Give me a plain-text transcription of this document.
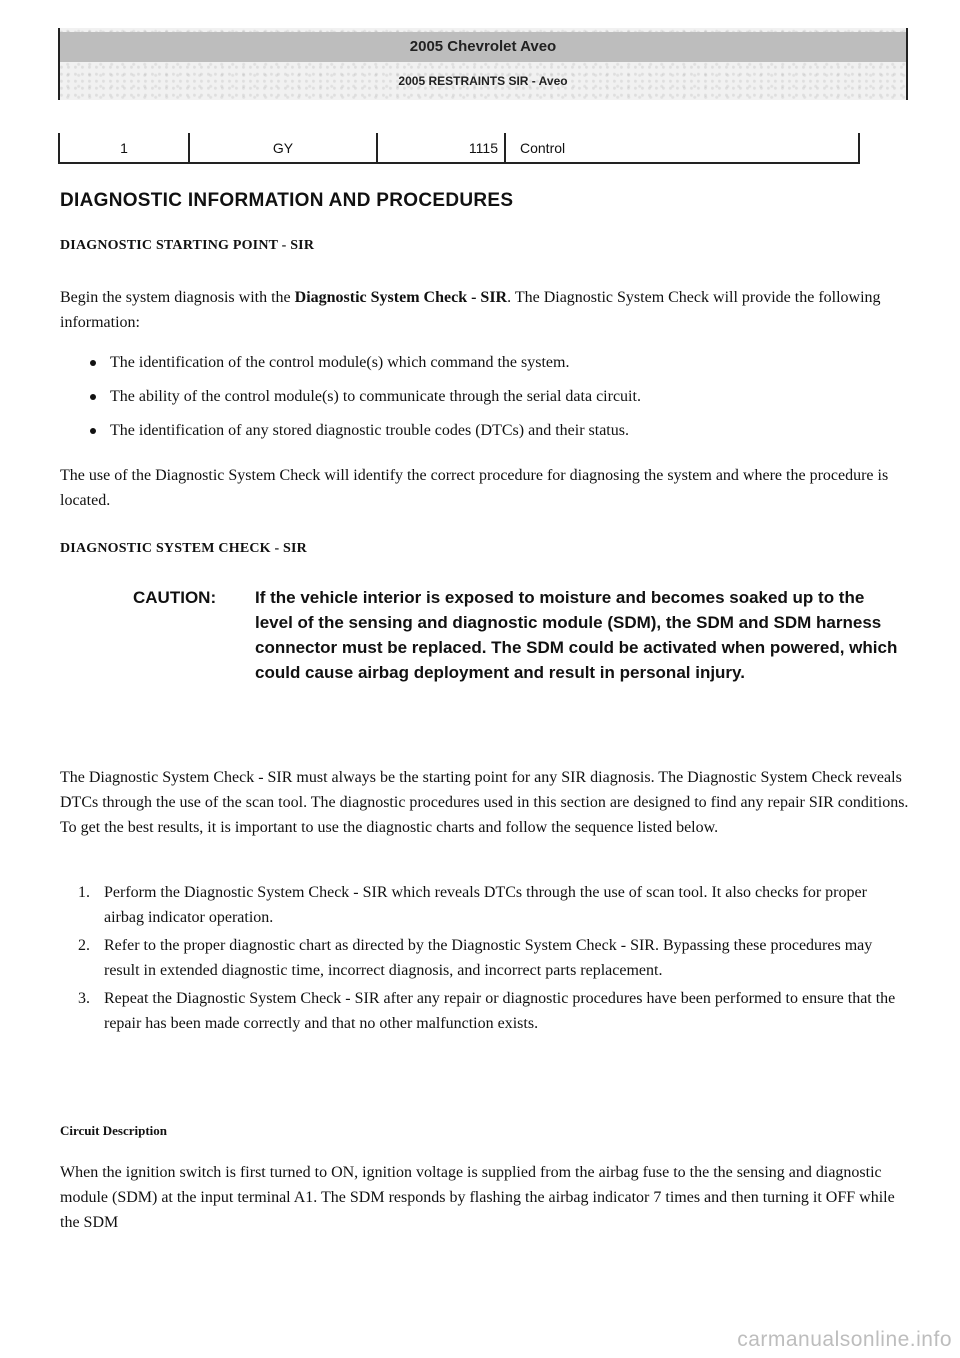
2005 Chevrolet Aveo
2005 RESTRAINTS SIR - Aveo
1	GY	1115	Control
DIAGNOSTIC INFORMATION AND PROCEDURES
DIAGNOSTIC STARTING POINT - SIR

Begin the system diagnosis with the Diagnostic System Check - SIR. The Diagnostic System Check will provide the following information:

The identification of the control module(s) which command the system.
The ability of the control module(s) to communicate through the serial data circuit.
The identification of any stored diagnostic trouble codes (DTCs) and their status.

The use of the Diagnostic System Check will identify the correct procedure for diagnosing the system and where the procedure is located.

DIAGNOSTIC SYSTEM CHECK - SIR
CAUTION: If the vehicle interior is exposed to moisture and becomes soaked up to the level of the sensing and diagnostic module (SDM), the SDM and SDM harness connector must be replaced. The SDM could be activated when powered, which could cause airbag deployment and result in personal injury.

The Diagnostic System Check - SIR must always be the starting point for any SIR diagnosis. The Diagnostic System Check reveals DTCs through the use of the scan tool. The diagnostic procedures used in this section are designed to find any repair SIR conditions. To get the best results, it is important to use the diagnostic charts and follow the sequence listed below.

1. Perform the Diagnostic System Check - SIR which reveals DTCs through the use of scan tool. It also checks for proper airbag indicator operation.
2. Refer to the proper diagnostic chart as directed by the Diagnostic System Check - SIR. Bypassing these procedures may result in extended diagnostic time, incorrect diagnosis, and incorrect parts replacement.
3. Repeat the Diagnostic System Check - SIR after any repair or diagnostic procedures have been performed to ensure that the repair has been made correctly and that no other malfunction exists.
Circuit Description

When the ignition switch is first turned to ON, ignition voltage is supplied from the airbag fuse to the the sensing and diagnostic module (SDM) at the input terminal A1. The SDM responds by flashing the airbag indicator 7 times and then turning it OFF while the SDM

carmanualsonline.info
